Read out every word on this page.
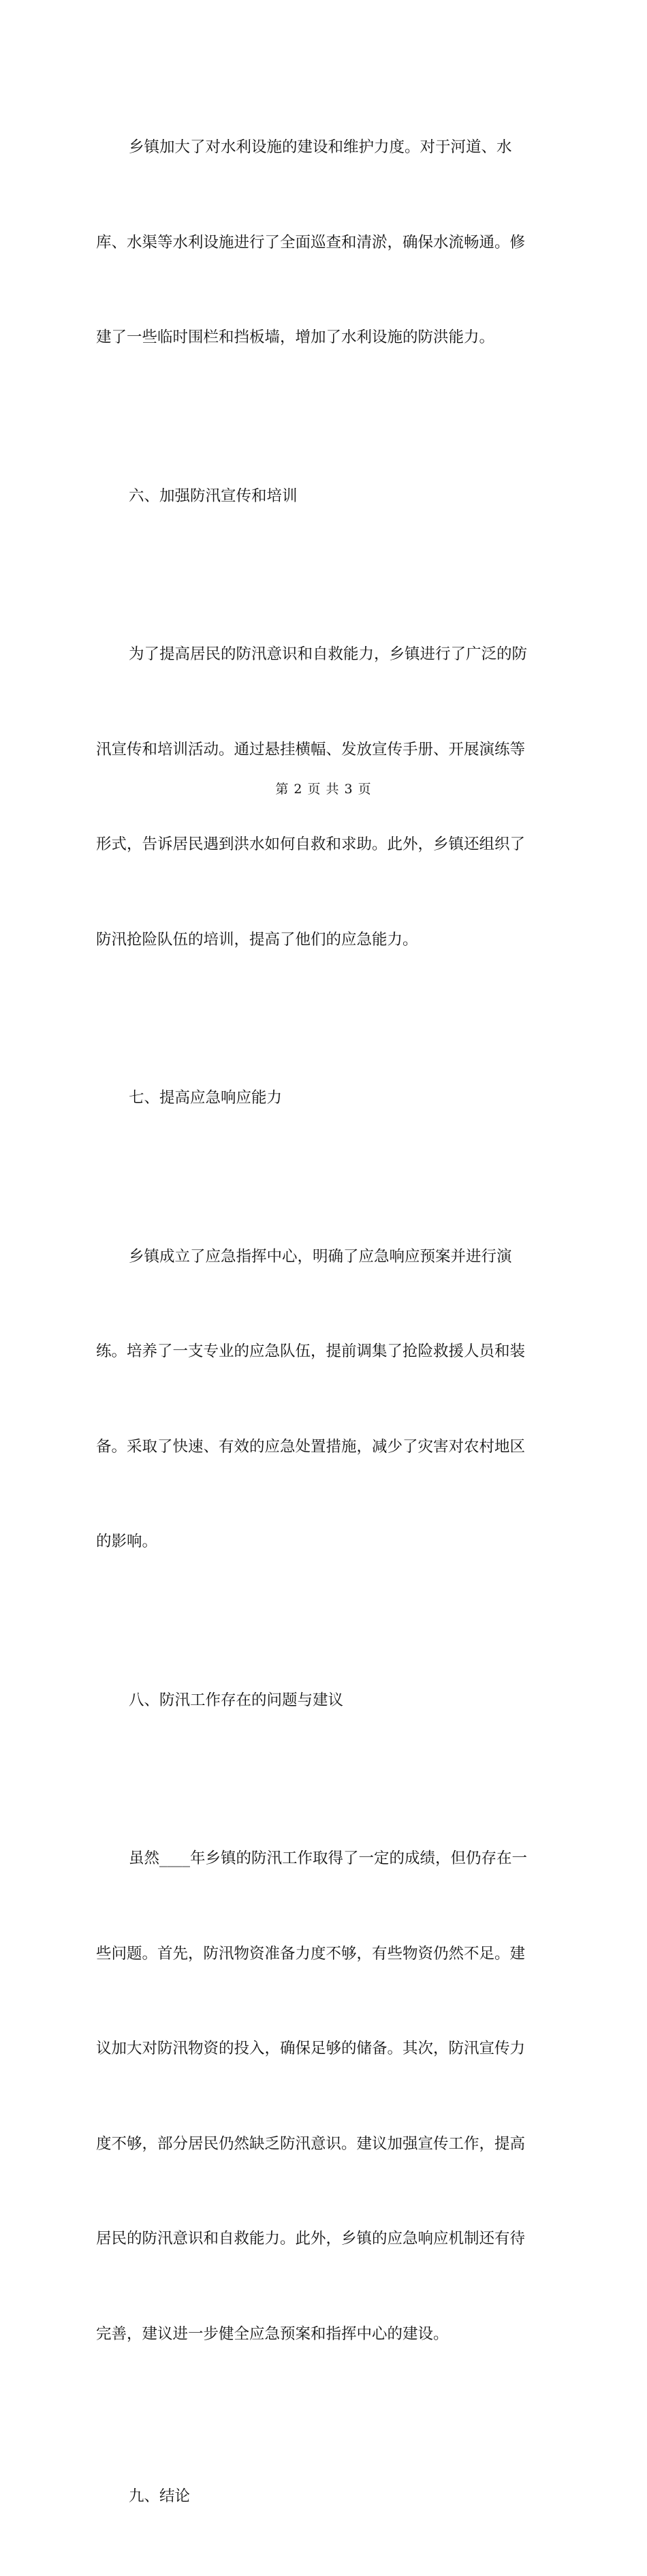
乡镇加大了对水利设施的建设和维护力度。对于河道、水

库、水渠等水利设施进行了全面巡查和清淤，确保水流畅通。修

建了一些临时围栏和挡板墙，增加了水利设施的防洪能力。

六、加强防汛宣传和培训

为了提高居民的防汛意识和自救能力，乡镇进行了广泛的防

汛宣传和培训活动。通过悬挂横幅、发放宣传手册、开展演练等

形式，告诉居民遇到洪水如何自救和求助。此外，乡镇还组织了

防汛抢险队伍的培训，提高了他们的应急能力。

七、提高应急响应能力

乡镇成立了应急指挥中心，明确了应急响应预案并进行演

练。培养了一支专业的应急队伍，提前调集了抢险救援人员和装

备。采取了快速、有效的应急处置措施，减少了灾害对农村地区

的影响。

八、防汛工作存在的问题与建议

虽然____年乡镇的防汛工作取得了一定的成绩，但仍存在一

些问题。首先，防汛物资准备力度不够，有些物资仍然不足。建

议加大对防汛物资的投入，确保足够的储备。其次，防汛宣传力

度不够，部分居民仍然缺乏防汛意识。建议加强宣传工作，提高

居民的防汛意识和自救能力。此外，乡镇的应急响应机制还有待

完善，建议进一步健全应急预案和指挥中心的建设。

九、结论

第 2 页 共 3 页
